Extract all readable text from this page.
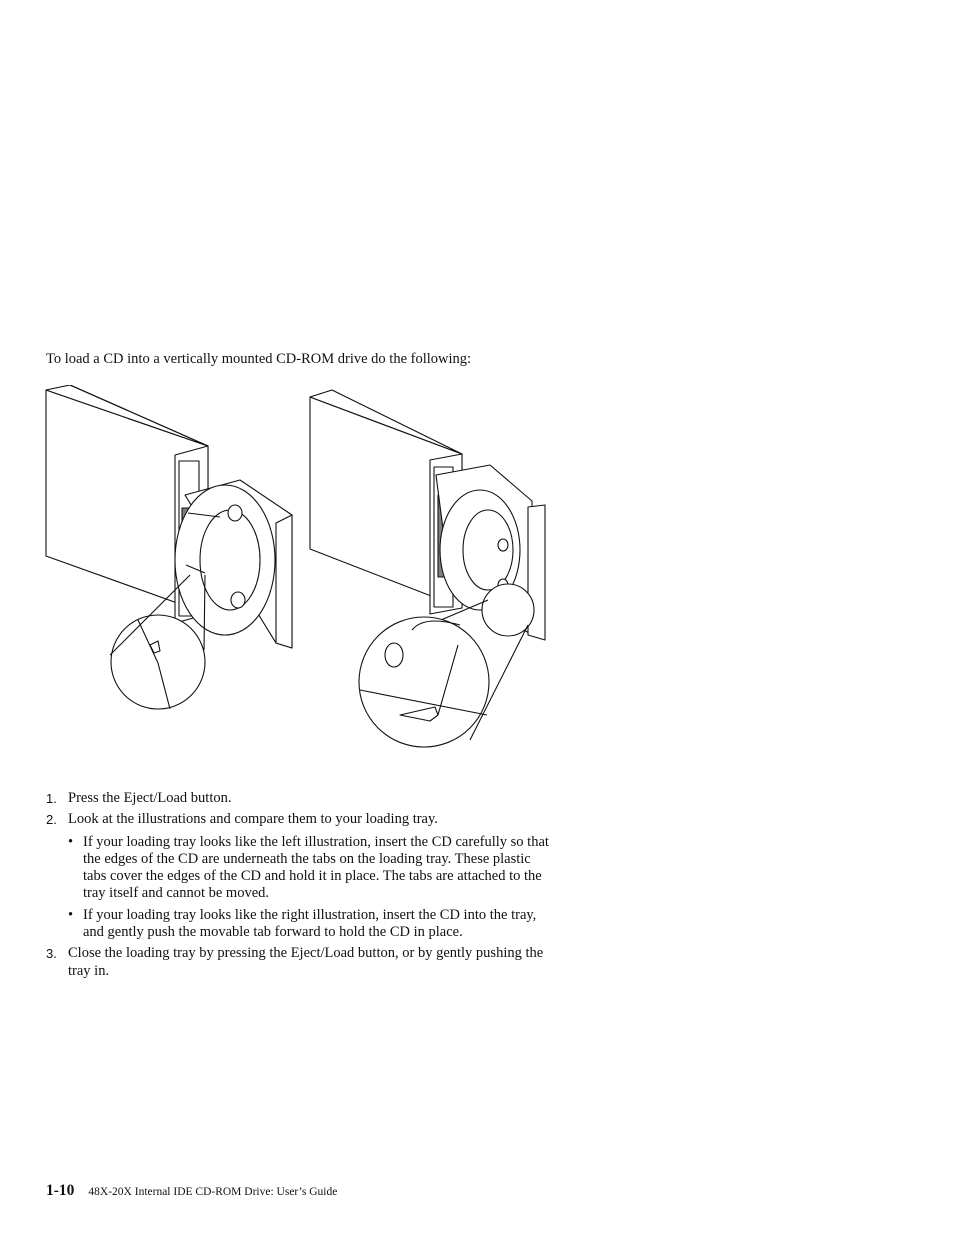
To load a CD into a vertically mounted CD-ROM drive do the following:

1. Press the Eject/Load button.
2. Look at the illustrations and compare them to your loading tray.
• If your loading tray looks like the left illustration, insert the CD carefully so that the edges of the CD are underneath the tabs on the loading tray. These plastic tabs cover the edges of the CD and hold it in place. The tabs are attached to the tray itself and cannot be moved.
• If your loading tray looks like the right illustration, insert the CD into the tray, and gently push the movable tab forward to hold the CD in place.
3. Close the loading tray by pressing the Eject/Load button, or by gently pushing the tray in.
1-10 48X-20X Internal IDE CD-ROM Drive: User’s Guide
